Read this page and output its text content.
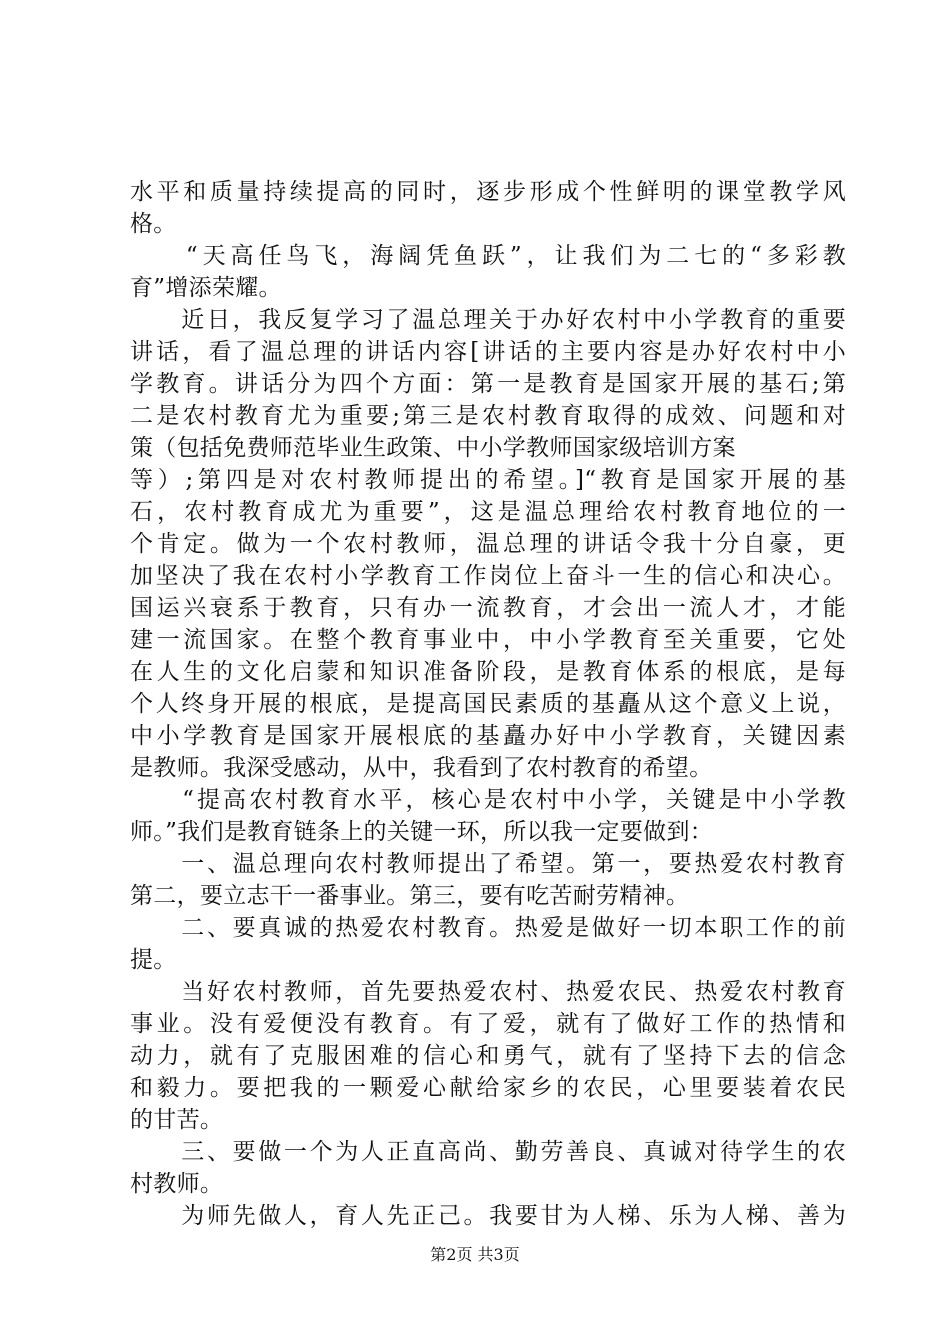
水平和质量持续提高的同时，逐步形成个性鲜明的课堂教学风
格。
　　“天高任鸟飞，海阔凭鱼跃”，让我们为二七的“多彩教
育”增添荣耀。
　　近日，我反复学习了温总理关于办好农村中小学教育的重要
讲话，看了温总理的讲话内容[讲话的主要内容是办好农村中小
学教育。讲话分为四个方面：第一是教育是国家开展的基石;第
二是农村教育尤为重要;第三是农村教育取得的成效、问题和对
策（包括免费师范毕业生政策、中小学教师国家级培训方案
等）;第四是对农村教师提出的希望。]“教育是国家开展的基
石，农村教育成尤为重要”，这是温总理给农村教育地位的一
个肯定。做为一个农村教师，温总理的讲话令我十分自豪，更
加坚决了我在农村小学教育工作岗位上奋斗一生的信心和决心。
国运兴衰系于教育，只有办一流教育，才会出一流人才，才能
建一流国家。在整个教育事业中，中小学教育至关重要，它处
在人生的文化启蒙和知识准备阶段，是教育体系的根底，是每
个人终身开展的根底，是提高国民素质的基矗从这个意义上说，
中小学教育是国家开展根底的基矗办好中小学教育，关键因素
是教师。我深受感动，从中，我看到了农村教育的希望。
　　“提高农村教育水平，核心是农村中小学，关键是中小学教
师。”我们是教育链条上的关键一环，所以我一定要做到：
　　一、温总理向农村教师提出了希望。第一，要热爱农村教育
第二，要立志干一番事业。第三，要有吃苦耐劳精神。
　　二、要真诚的热爱农村教育。热爱是做好一切本职工作的前
提。
　　当好农村教师，首先要热爱农村、热爱农民、热爱农村教育
事业。没有爱便没有教育。有了爱，就有了做好工作的热情和
动力，就有了克服困难的信心和勇气，就有了坚持下去的信念
和毅力。要把我的一颗爱心献给家乡的农民，心里要装着农民
的甘苦。
　　三、要做一个为人正直高尚、勤劳善良、真诚对待学生的农
村教师。
　　为师先做人，育人先正己。我要甘为人梯、乐为人梯、善为
第2页 共3页
